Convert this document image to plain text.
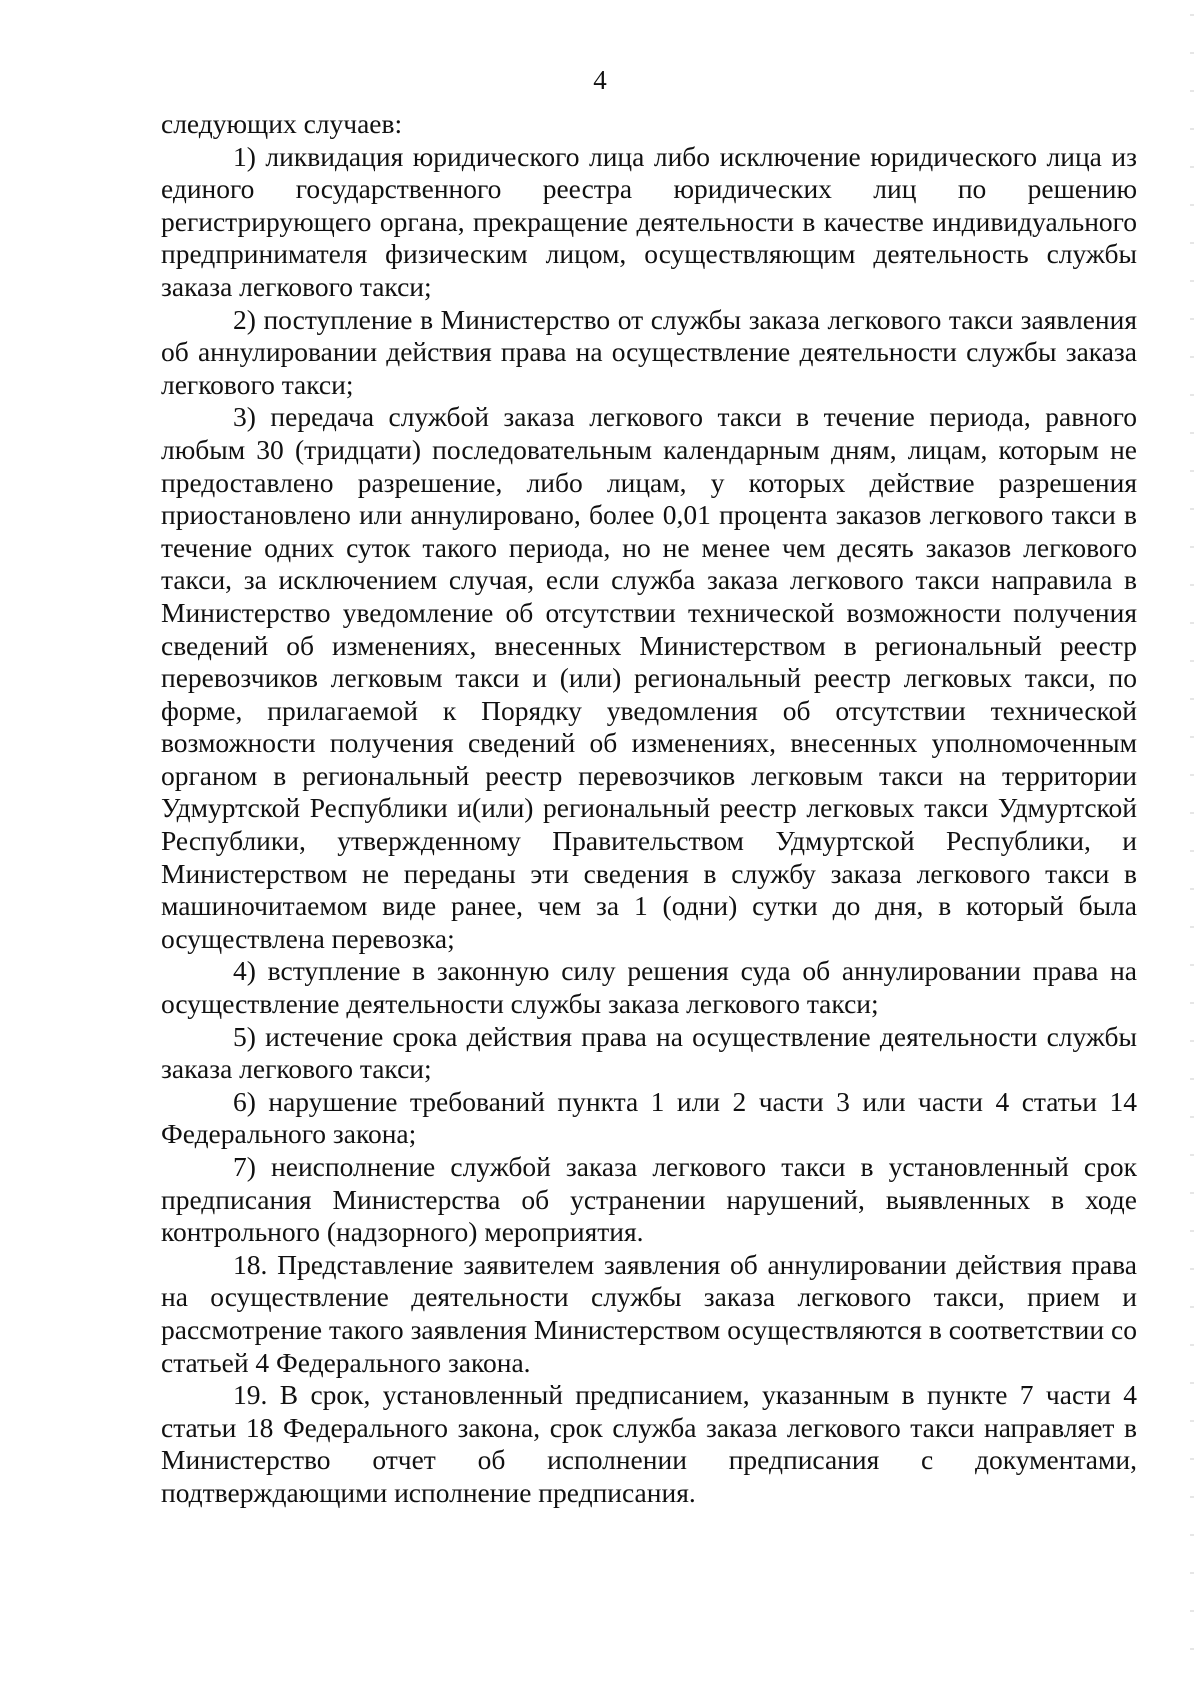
4

следующих случаев:

1) ликвидация юридического лица либо исключение юридического лица из единого государственного реестра юридических лиц по решению регистрирующего органа, прекращение деятельности в качестве индивидуального предпринимателя физическим лицом, осуществляющим деятельность службы заказа легкового такси;

2) поступление в Министерство от службы заказа легкового такси заявления об аннулировании действия права на осуществление деятельности службы заказа легкового такси;

3) передача службой заказа легкового такси в течение периода, равного любым 30 (тридцати) последовательным календарным дням, лицам, которым не предоставлено разрешение, либо лицам, у которых действие разрешения приостановлено или аннулировано, более 0,01 процента заказов легкового такси в течение одних суток такого периода, но не менее чем десять заказов легкового такси, за исключением случая, если служба заказа легкового такси направила в Министерство уведомление об отсутствии технической возможности получения сведений об изменениях, внесенных Министерством в региональный реестр перевозчиков легковым такси и (или) региональный реестр легковых такси, по форме, прилагаемой к Порядку уведомления об отсутствии технической возможности получения сведений об изменениях, внесенных уполномоченным органом в региональный реестр перевозчиков легковым такси на территории Удмуртской Республики и(или) региональный реестр легковых такси Удмуртской Республики, утвержденному Правительством Удмуртской Республики, и Министерством не переданы эти сведения в службу заказа легкового такси в машиночитаемом виде ранее, чем за 1 (одни) сутки до дня, в который была осуществлена перевозка;

4) вступление в законную силу решения суда об аннулировании права на осуществление деятельности службы заказа легкового такси;

5) истечение срока действия права на осуществление деятельности службы заказа легкового такси;

6) нарушение требований пункта 1 или 2 части 3 или части 4 статьи 14 Федерального закона;

7) неисполнение службой заказа легкового такси в установленный срок предписания Министерства об устранении нарушений, выявленных в ходе контрольного (надзорного) мероприятия.

18. Представление заявителем заявления об аннулировании действия права на осуществление деятельности службы заказа легкового такси, прием и рассмотрение такого заявления Министерством осуществляются в соответствии со статьей 4 Федерального закона.

19. В срок, установленный предписанием, указанным в пункте 7 части 4 статьи 18 Федерального закона, срок служба заказа легкового такси направляет в Министерство отчет об исполнении предписания с документами, подтверждающими исполнение предписания.
